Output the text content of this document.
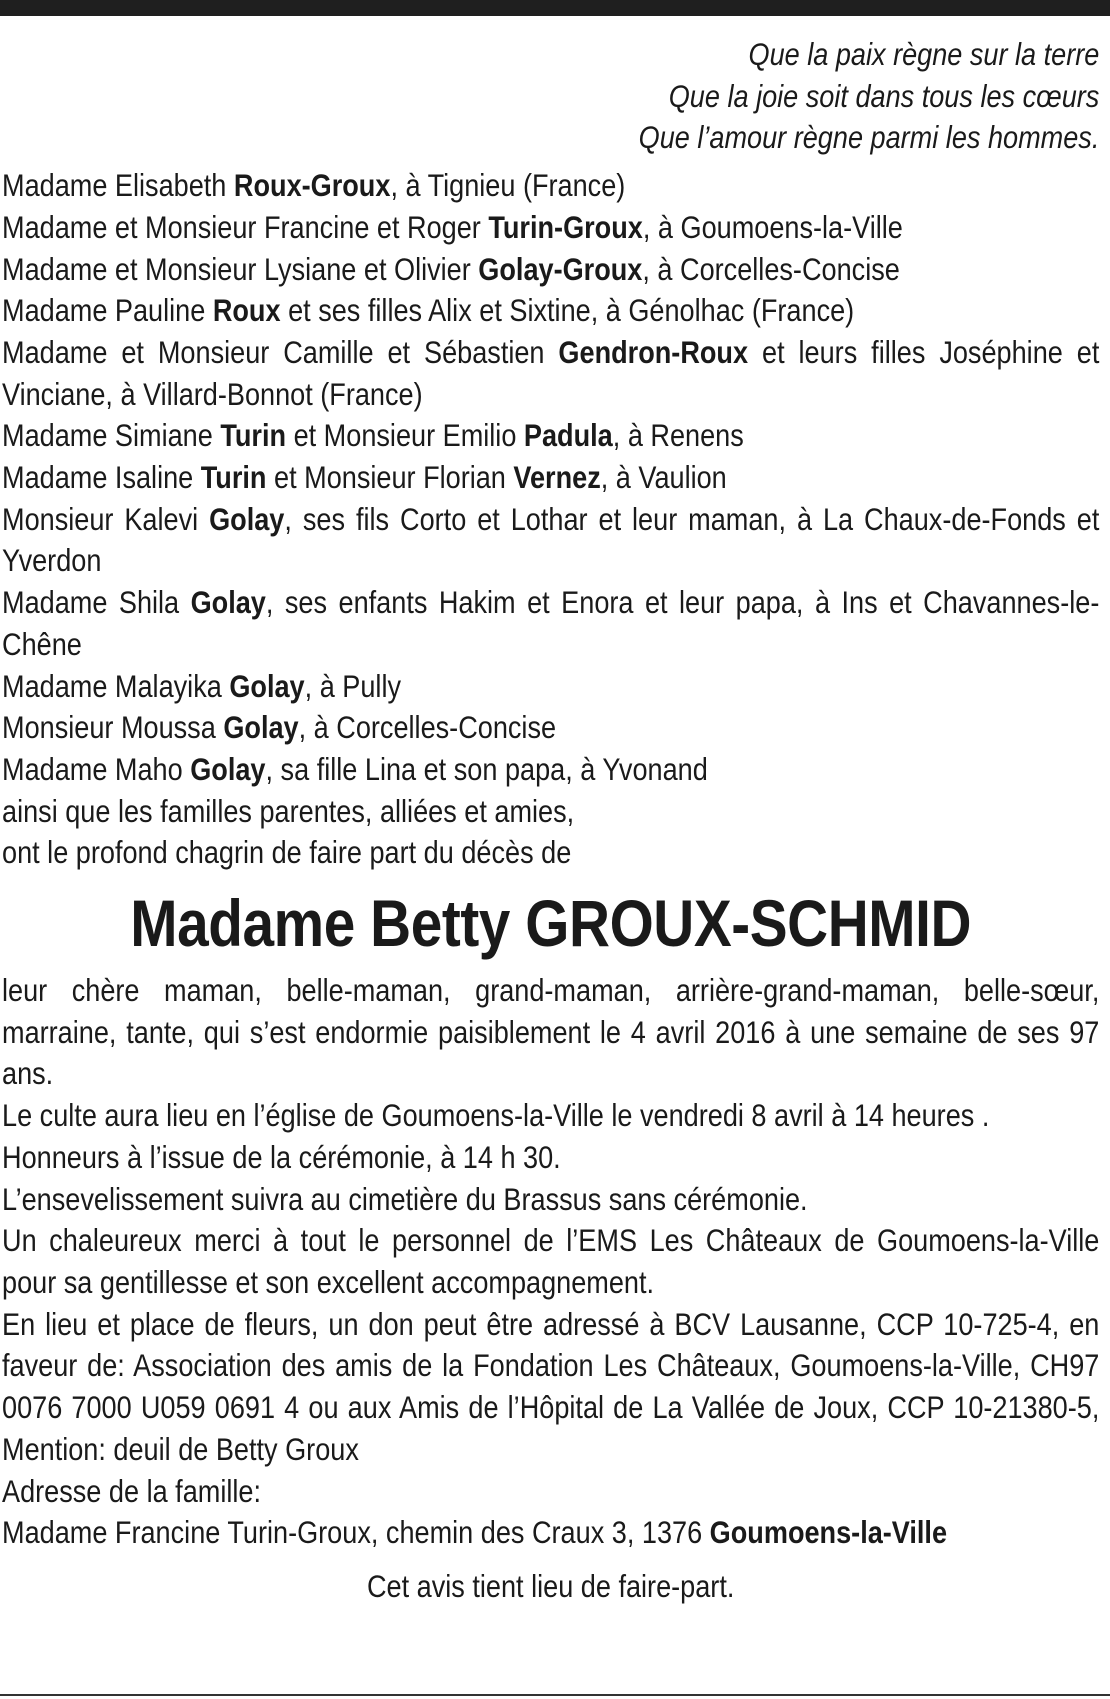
Que la paix règne sur la terre
Que la joie soit dans tous les cœurs
Que l’amour règne parmi les hommes.
Madame Elisabeth Roux-Groux, à Tignieu (France)
Madame et Monsieur Francine et Roger Turin-Groux, à Goumoens-la-Ville
Madame et Monsieur Lysiane et Olivier Golay-Groux, à Corcelles-Concise
Madame Pauline Roux et ses filles Alix et Sixtine, à Génolhac (France)
Madame et Monsieur Camille et Sébastien Gendron-Roux et leurs filles Joséphine et Vinciane, à Villard-Bonnot (France)
Madame Simiane Turin et Monsieur Emilio Padula, à Renens
Madame Isaline Turin et Monsieur Florian Vernez, à Vaulion
Monsieur Kalevi Golay, ses fils Corto et Lothar et leur maman, à La Chaux-de-Fonds et Yverdon
Madame Shila Golay, ses enfants Hakim et Enora et leur papa, à Ins et Chavannes-le-Chêne
Madame Malayika Golay, à Pully
Monsieur Moussa Golay, à Corcelles-Concise
Madame Maho Golay, sa fille Lina et son papa, à Yvonand
ainsi que les familles parentes, alliées et amies,
ont le profond chagrin de faire part du décès de
Madame Betty GROUX-SCHMID
leur chère maman, belle-maman, grand-maman, arrière-grand-maman, belle-sœur, marraine, tante, qui s’est endormie paisiblement le 4 avril 2016 à une semaine de ses 97 ans.
Le culte aura lieu en l’église de Goumoens-la-Ville le vendredi 8 avril à 14 heures .
Honneurs à l’issue de la cérémonie, à 14 h 30.
L’ensevelissement suivra au cimetière du Brassus sans cérémonie.
Un chaleureux merci à tout le personnel de l’EMS Les Châteaux de Goumoens-la-Ville pour sa gentillesse et son excellent accompagnement.
En lieu et place de fleurs, un don peut être adressé à BCV Lausanne, CCP 10-725-4, en faveur de: Association des amis de la Fondation Les Châteaux, Goumoens-la-Ville, CH97 0076 7000 U059 0691 4 ou aux Amis de l’Hôpital de La Vallée de Joux, CCP 10-21380-5, Mention: deuil de Betty Groux
Adresse de la famille:
Madame Francine Turin-Groux, chemin des Craux 3, 1376 Goumoens-la-Ville
Cet avis tient lieu de faire-part.
